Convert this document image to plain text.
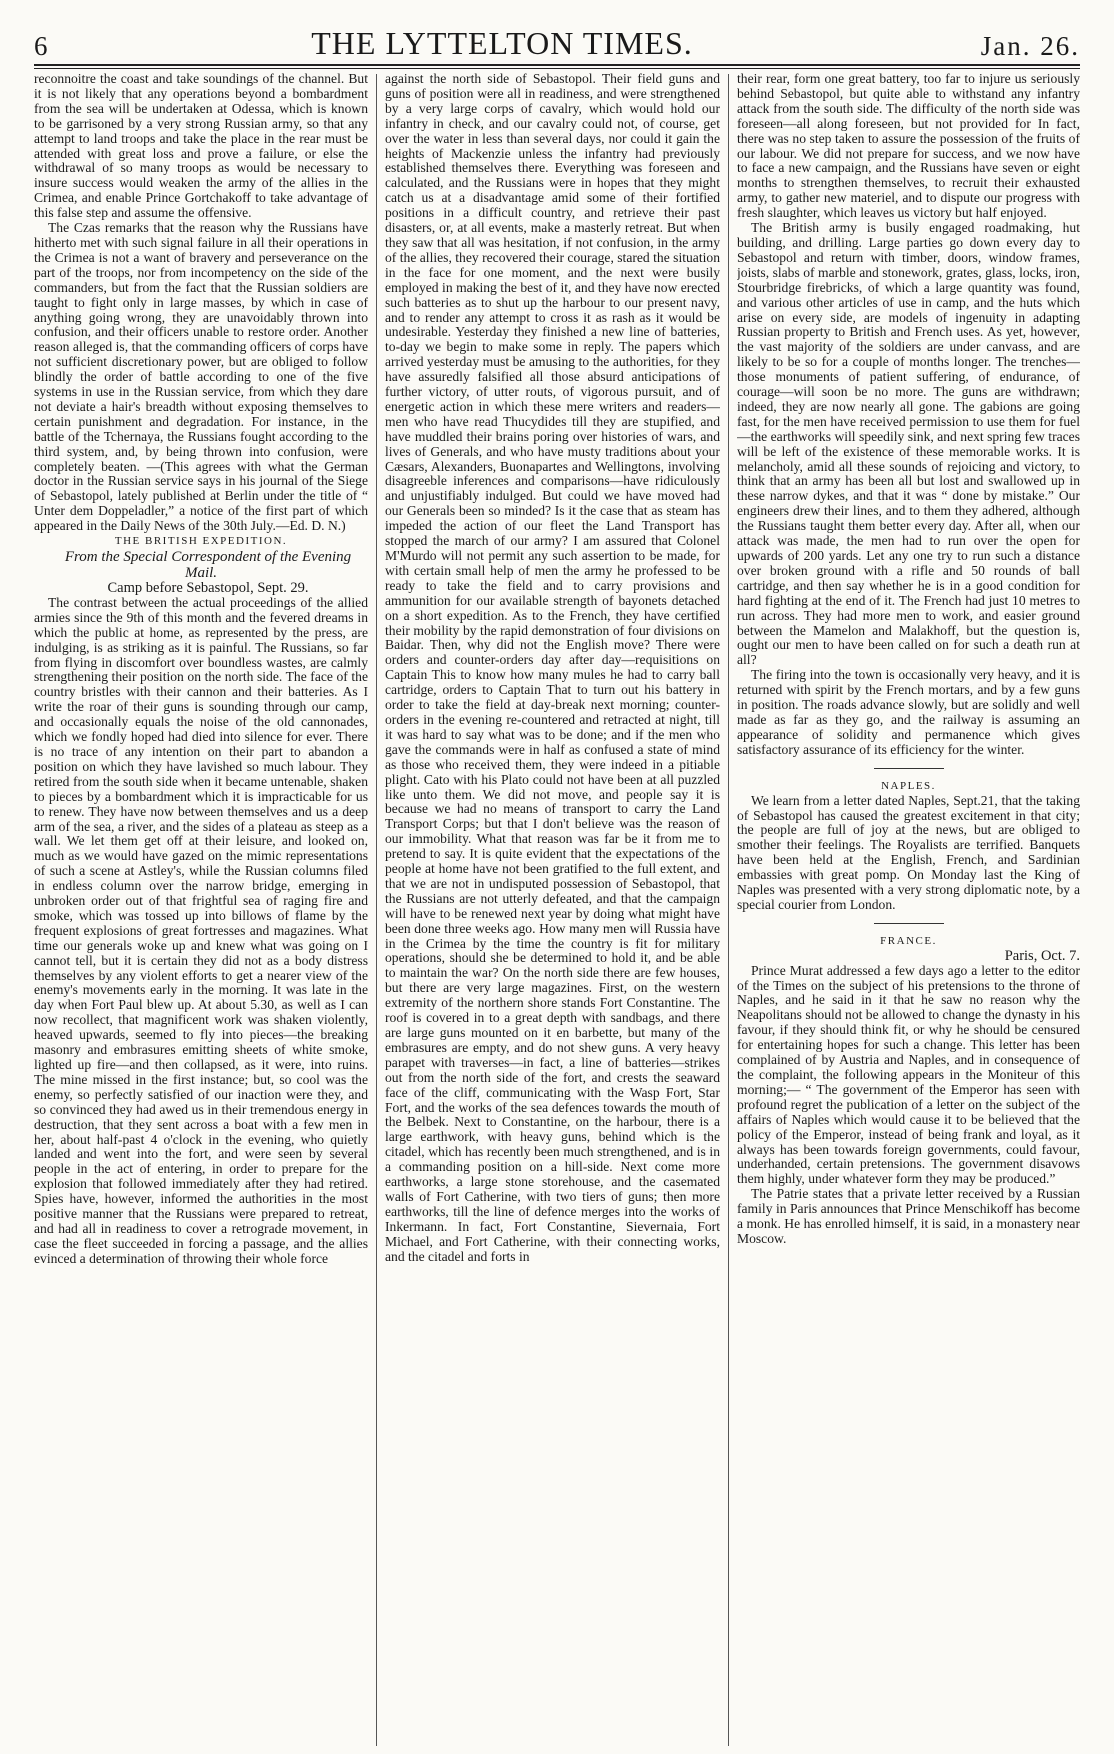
6	THE LYTTELTON TIMES.	Jan. 26.

reconnoitre the coast and take soundings of the channel. But it is not likely that any operations beyond a bombardment from the sea will be undertaken at Odessa, which is known to be garrisoned by a very strong Russian army, so that any attempt to land troops and take the place in the rear must be attended with great loss and prove a failure, or else the withdrawal of so many troops as would be necessary to insure success would weaken the army of the allies in the Crimea, and enable Prince Gortchakoff to take advantage of this false step and assume the offensive.

The Czas remarks that the reason why the Russians have hitherto met with such signal failure in all their operations in the Crimea is not a want of bravery and perseverance on the part of the troops, nor from incompetency on the side of the commanders, but from the fact that the Russian soldiers are taught to fight only in large masses, by which in case of anything going wrong, they are unavoidably thrown into confusion, and their officers unable to restore order. Another reason alleged is, that the commanding officers of corps have not sufficient discretionary power, but are obliged to follow blindly the order of battle according to one of the five systems in use in the Russian service, from which they dare not deviate a hair's breadth without exposing themselves to certain punishment and degradation. For instance, in the battle of the Tchernaya, the Russians fought according to the third system, and, by being thrown into confusion, were completely beaten. —(This agrees with what the German doctor in the Russian service says in his journal of the Siege of Sebastopol, lately published at Berlin under the title of “ Unter dem Doppeladler,” a notice of the first part of which appeared in the Daily News of the 30th July.—Ed. D. N.)

THE BRITISH EXPEDITION.

From the Special Correspondent of the Evening Mail.

Camp before Sebastopol, Sept. 29.

The contrast between the actual proceedings of the allied armies since the 9th of this month and the fevered dreams in which the public at home, as represented by the press, are indulging, is as striking as it is painful. The Russians, so far from flying in discomfort over boundless wastes, are calmly strengthening their position on the north side. The face of the country bristles with their cannon and their batteries. As I write the roar of their guns is sounding through our camp, and occasionally equals the noise of the old cannonades, which we fondly hoped had died into silence for ever. There is no trace of any intention on their part to abandon a position on which they have lavished so much labour. They retired from the south side when it became untenable, shaken to pieces by a bombardment which it is impracticable for us to renew. They have now between themselves and us a deep arm of the sea, a river, and the sides of a plateau as steep as a wall. We let them get off at their leisure, and looked on, much as we would have gazed on the mimic representations of such a scene at Astley's, while the Russian columns filed in endless column over the narrow bridge, emerging in unbroken order out of that frightful sea of raging fire and smoke, which was tossed up into billows of flame by the frequent explosions of great fortresses and magazines. What time our generals woke up and knew what was going on I cannot tell, but it is certain they did not as a body distress themselves by any violent efforts to get a nearer view of the enemy's movements early in the morning. It was late in the day when Fort Paul blew up. At about 5.30, as well as I can now recollect, that magnificent work was shaken violently, heaved upwards, seemed to fly into pieces—the breaking masonry and embrasures emitting sheets of white smoke, lighted up fire—and then collapsed, as it were, into ruins. The mine missed in the first instance; but, so cool was the enemy, so perfectly satisfied of our inaction were they, and so convinced they had awed us in their tremendous energy in destruction, that they sent across a boat with a few men in her, about half-past 4 o'clock in the evening, who quietly landed and went into the fort, and were seen by several people in the act of entering, in order to prepare for the explosion that followed immediately after they had retired. Spies have, however, informed the authorities in the most positive manner that the Russians were prepared to retreat, and had all in readiness to cover a retrograde movement, in case the fleet succeeded in forcing a passage, and the allies evinced a determination of throwing their whole force

against the north side of Sebastopol. Their field guns and guns of position were all in readiness, and were strengthened by a very large corps of cavalry, which would hold our infantry in check, and our cavalry could not, of course, get over the water in less than several days, nor could it gain the heights of Mackenzie unless the infantry had previously established themselves there. Everything was foreseen and calculated, and the Russians were in hopes that they might catch us at a disadvantage amid some of their fortified positions in a difficult country, and retrieve their past disasters, or, at all events, make a masterly retreat. But when they saw that all was hesitation, if not confusion, in the army of the allies, they recovered their courage, stared the situation in the face for one moment, and the next were busily employed in making the best of it, and they have now erected such batteries as to shut up the harbour to our present navy, and to render any attempt to cross it as rash as it would be undesirable. Yesterday they finished a new line of batteries, to-day we begin to make some in reply. The papers which arrived yesterday must be amusing to the authorities, for they have assuredly falsified all those absurd anticipations of further victory, of utter routs, of vigorous pursuit, and of energetic action in which these mere writers and readers—men who have read Thucydides till they are stupified, and have muddled their brains poring over histories of wars, and lives of Generals, and who have musty traditions about your Cæsars, Alexanders, Buonapartes and Wellingtons, involving disagreeble inferences and comparisons—have ridiculously and unjustifiably indulged. But could we have moved had our Generals been so minded? Is it the case that as steam has impeded the action of our fleet the Land Transport has stopped the march of our army? I am assured that Colonel M'Murdo will not permit any such assertion to be made, for with certain small help of men the army he professed to be ready to take the field and to carry provisions and ammunition for our available strength of bayonets detached on a short expedition. As to the French, they have certified their mobility by the rapid demonstration of four divisions on Baidar. Then, why did not the English move? There were orders and counter-orders day after day—requisitions on Captain This to know how many mules he had to carry ball cartridge, orders to Captain That to turn out his battery in order to take the field at day-break next morning; counter-orders in the evening re-countered and retracted at night, till it was hard to say what was to be done; and if the men who gave the commands were in half as confused a state of mind as those who received them, they were indeed in a pitiable plight. Cato with his Plato could not have been at all puzzled like unto them. We did not move, and people say it is because we had no means of transport to carry the Land Transport Corps; but that I don't believe was the reason of our immobility. What that reason was far be it from me to pretend to say. It is quite evident that the expectations of the people at home have not been gratified to the full extent, and that we are not in undisputed possession of Sebastopol, that the Russians are not utterly defeated, and that the campaign will have to be renewed next year by doing what might have been done three weeks ago. How many men will Russia have in the Crimea by the time the country is fit for military operations, should she be determined to hold it, and be able to maintain the war? On the north side there are few houses, but there are very large magazines. First, on the western extremity of the northern shore stands Fort Constantine. The roof is covered in to a great depth with sandbags, and there are large guns mounted on it en barbette, but many of the embrasures are empty, and do not shew guns. A very heavy parapet with traverses—in fact, a line of batteries—strikes out from the north side of the fort, and crests the seaward face of the cliff, communicating with the Wasp Fort, Star Fort, and the works of the sea defences towards the mouth of the Belbek. Next to Constantine, on the harbour, there is a large earthwork, with heavy guns, behind which is the citadel, which has recently been much strengthened, and is in a commanding position on a hill-side. Next come more earthworks, a large stone storehouse, and the casemated walls of Fort Catherine, with two tiers of guns; then more earthworks, till the line of defence merges into the works of Inkermann. In fact, Fort Constantine, Sievernaia, Fort Michael, and Fort Catherine, with their connecting works, and the citadel and forts in

their rear, form one great battery, too far to injure us seriously behind Sebastopol, but quite able to withstand any infantry attack from the south side. The difficulty of the north side was foreseen—all along foreseen, but not provided for In fact, there was no step taken to assure the possession of the fruits of our labour. We did not prepare for success, and we now have to face a new campaign, and the Russians have seven or eight months to strengthen themselves, to recruit their exhausted army, to gather new materiel, and to dispute our progress with fresh slaughter, which leaves us victory but half enjoyed.

The British army is busily engaged roadmaking, hut building, and drilling. Large parties go down every day to Sebastopol and return with timber, doors, window frames, joists, slabs of marble and stonework, grates, glass, locks, iron, Stourbridge firebricks, of which a large quantity was found, and various other articles of use in camp, and the huts which arise on every side, are models of ingenuity in adapting Russian property to British and French uses. As yet, however, the vast majority of the soldiers are under canvass, and are likely to be so for a couple of months longer. The trenches—those monuments of patient suffering, of endurance, of courage—will soon be no more. The guns are withdrawn; indeed, they are now nearly all gone. The gabions are going fast, for the men have received permission to use them for fuel—the earthworks will speedily sink, and next spring few traces will be left of the existence of these memorable works. It is melancholy, amid all these sounds of rejoicing and victory, to think that an army has been all but lost and swallowed up in these narrow dykes, and that it was “ done by mistake.” Our engineers drew their lines, and to them they adhered, although the Russians taught them better every day. After all, when our attack was made, the men had to run over the open for upwards of 200 yards. Let any one try to run such a distance over broken ground with a rifle and 50 rounds of ball cartridge, and then say whether he is in a good condition for hard fighting at the end of it. The French had just 10 metres to run across. They had more men to work, and easier ground between the Mamelon and Malakhoff, but the question is, ought our men to have been called on for such a death run at all?

The firing into the town is occasionally very heavy, and it is returned with spirit by the French mortars, and by a few guns in position. The roads advance slowly, but are solidly and well made as far as they go, and the railway is assuming an appearance of solidity and permanence which gives satisfactory assurance of its efficiency for the winter.

NAPLES.

We learn from a letter dated Naples, Sept.21, that the taking of Sebastopol has caused the greatest excitement in that city; the people are full of joy at the news, but are obliged to smother their feelings. The Royalists are terrified. Banquets have been held at the English, French, and Sardinian embassies with great pomp. On Monday last the King of Naples was presented with a very strong diplomatic note, by a special courier from London.

FRANCE.

Paris, Oct. 7.

Prince Murat addressed a few days ago a letter to the editor of the Times on the subject of his pretensions to the throne of Naples, and he said in it that he saw no reason why the Neapolitans should not be allowed to change the dynasty in his favour, if they should think fit, or why he should be censured for entertaining hopes for such a change. This letter has been complained of by Austria and Naples, and in consequence of the complaint, the following appears in the Moniteur of this morning;— “ The government of the Emperor has seen with profound regret the publication of a letter on the subject of the affairs of Naples which would cause it to be believed that the policy of the Emperor, instead of being frank and loyal, as it always has been towards foreign governments, could favour, underhanded, certain pretensions. The government disavows them highly, under whatever form they may be produced.”

The Patrie states that a private letter received by a Russian family in Paris announces that Prince Menschikoff has become a monk. He has enrolled himself, it is said, in a monastery near Moscow.
